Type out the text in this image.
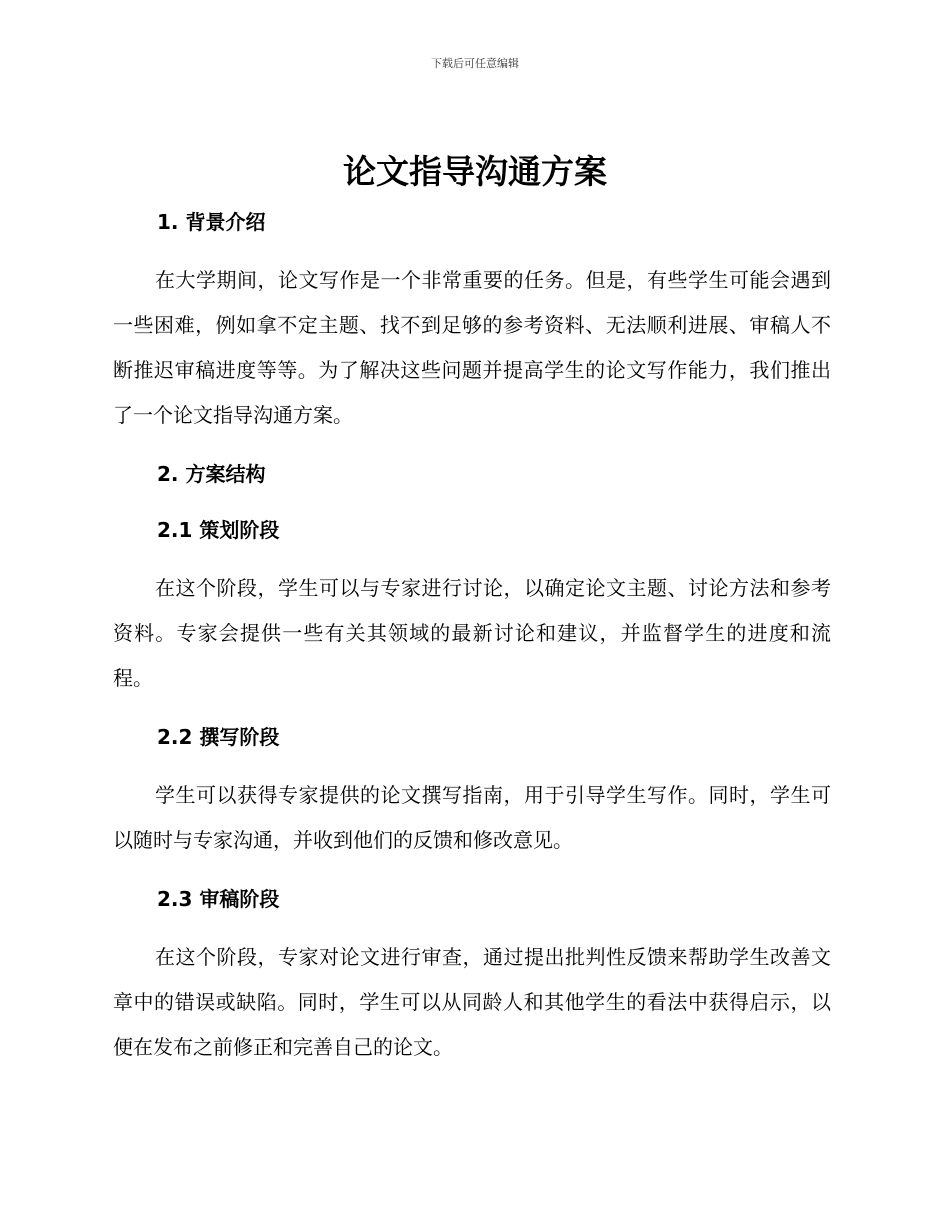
下载后可任意编辑
论文指导沟通方案
1. 背景介绍

在大学期间，论文写作是一个非常重要的任务。但是，有些学生可能会遇到一些困难，例如拿不定主题、找不到足够的参考资料、无法顺利进展、审稿人不断推迟审稿进度等等。为了解决这些问题并提高学生的论文写作能力，我们推出了一个论文指导沟通方案。

2. 方案结构
2.1 策划阶段

在这个阶段，学生可以与专家进行讨论，以确定论文主题、讨论方法和参考资料。专家会提供一些有关其领域的最新讨论和建议，并监督学生的进度和流程。

2.2 撰写阶段

学生可以获得专家提供的论文撰写指南，用于引导学生写作。同时，学生可以随时与专家沟通，并收到他们的反馈和修改意见。

2.3 审稿阶段

在这个阶段，专家对论文进行审查，通过提出批判性反馈来帮助学生改善文章中的错误或缺陷。同时，学生可以从同龄人和其他学生的看法中获得启示，以便在发布之前修正和完善自己的论文。
